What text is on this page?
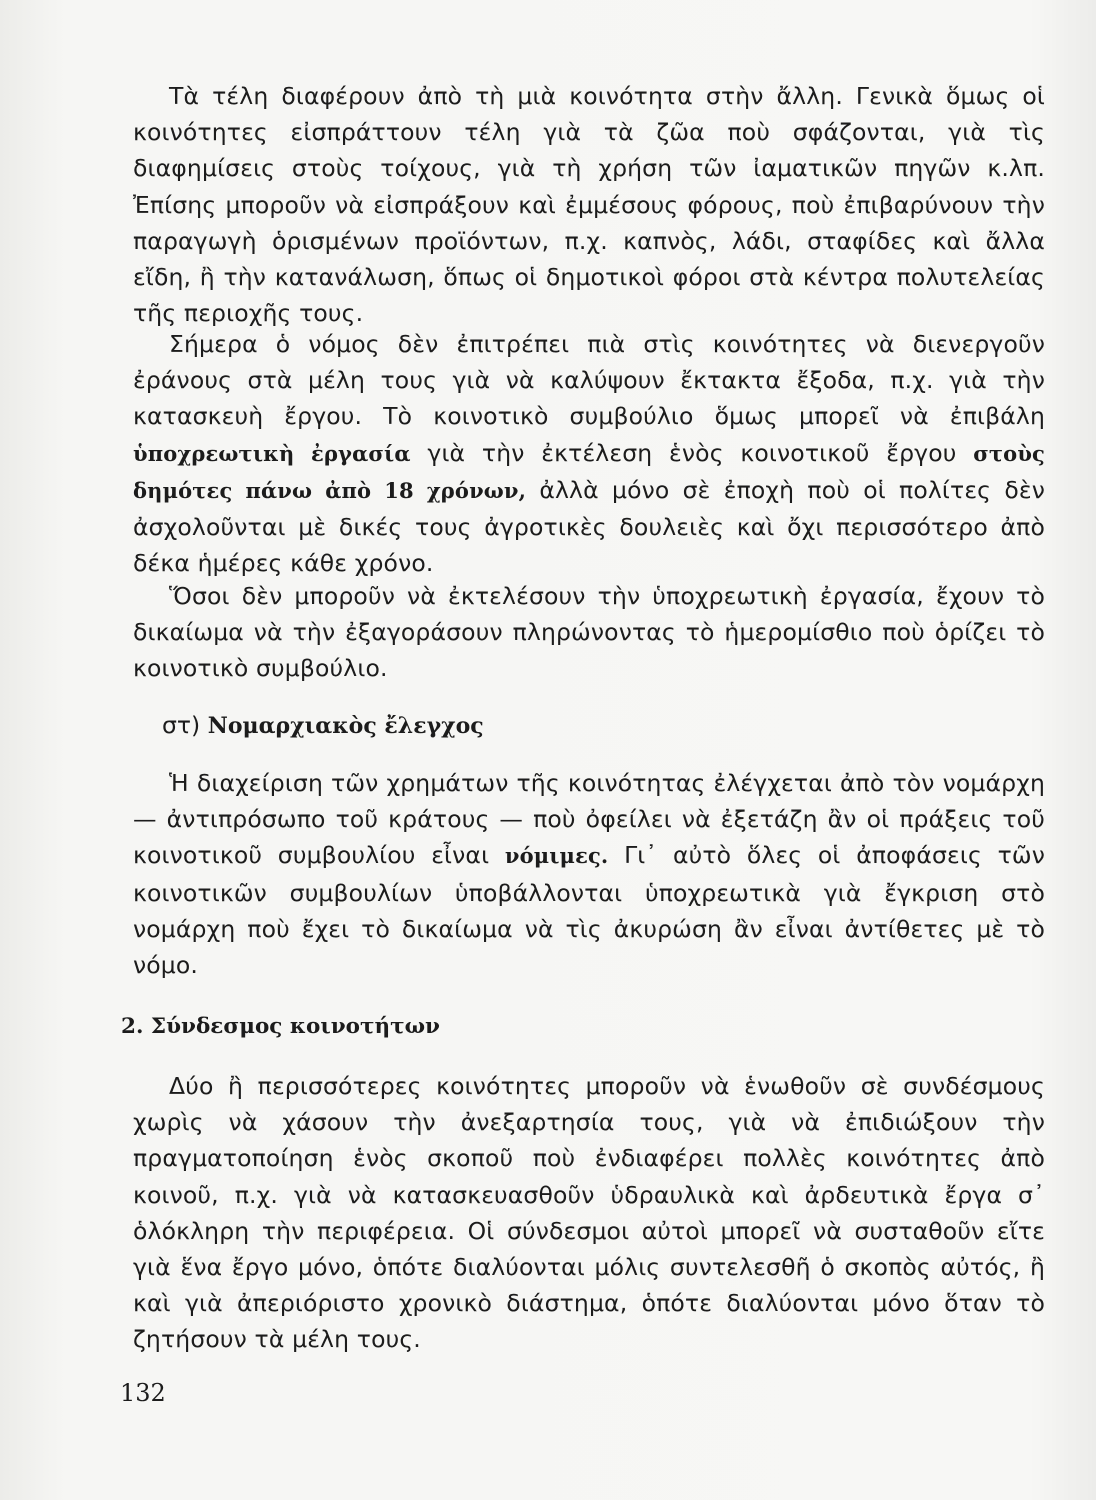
Τὰ τέλη διαφέρουν ἀπὸ τὴ μιὰ κοινότητα στὴν ἄλλη. Γενικὰ ὅμως οἱ κοινότητες εἰσπράττουν τέλη γιὰ τὰ ζῶα ποὺ σφάζονται, γιὰ τὶς διαφημίσεις στοὺς τοίχους, γιὰ τὴ χρήση τῶν ἰαματικῶν πηγῶν κ.λπ. Ἐπίσης μποροῦν νὰ εἰσπράξουν καὶ ἐμμέσους φόρους, ποὺ ἐπιβαρύνουν τὴν παραγωγὴ ὁρισμένων προϊόντων, π.χ. καπνὸς, λάδι, σταφίδες καὶ ἄλλα εἴδη, ἢ τὴν κατανάλωση, ὅπως οἱ δημοτικοὶ φόροι στὰ κέντρα πολυτελείας τῆς περιοχῆς τους.

Σήμερα ὁ νόμος δὲν ἐπιτρέπει πιὰ στὶς κοινότητες νὰ διενεργοῦν ἐράνους στὰ μέλη τους γιὰ νὰ καλύψουν ἔκτακτα ἔξοδα, π.χ. γιὰ τὴν κατασκευὴ ἔργου. Τὸ κοινοτικὸ συμβούλιο ὅμως μπορεῖ νὰ ἐπιβάλη ὑποχρεωτικὴ ἐργασία γιὰ τὴν ἐκτέλεση ἑνὸς κοινοτικοῦ ἔργου στοὺς δημότες πάνω ἀπὸ 18 χρόνων, ἀλλὰ μόνο σὲ ἐποχὴ ποὺ οἱ πολίτες δὲν ἀσχολοῦνται μὲ δικές τους ἀγροτικὲς δουλειὲς καὶ ὄχι περισσότερο ἀπὸ δέκα ἡμέρες κάθε χρόνο.

Ὅσοι δὲν μποροῦν νὰ ἐκτελέσουν τὴν ὑποχρεωτικὴ ἐργασία, ἔχουν τὸ δικαίωμα νὰ τὴν ἐξαγοράσουν πληρώνοντας τὸ ἡμερομίσθιο ποὺ ὁρίζει τὸ κοινοτικὸ συμβούλιο.

στ) Νομαρχιακὸς ἔλεγχος

Ἡ διαχείριση τῶν χρημάτων τῆς κοινότητας ἐλέγχεται ἀπὸ τὸν νομάρχη — ἀντιπρόσωπο τοῦ κράτους — ποὺ ὀφείλει νὰ ἐξετάζη ἂν οἱ πράξεις τοῦ κοινοτικοῦ συμβουλίου εἶναι νόμιμες. Γι᾽ αὐτὸ ὅλες οἱ ἀποφάσεις τῶν κοινοτικῶν συμβουλίων ὑποβάλλονται ὑποχρεωτικὰ γιὰ ἔγκριση στὸ νομάρχη ποὺ ἔχει τὸ δικαίωμα νὰ τὶς ἀκυρώση ἂν εἶναι ἀντίθετες μὲ τὸ νόμο.

2. Σύνδεσμος κοινοτήτων

Δύο ἢ περισσότερες κοινότητες μποροῦν νὰ ἑνωθοῦν σὲ συνδέσμους χωρὶς νὰ χάσουν τὴν ἀνεξαρτησία τους, γιὰ νὰ ἐπιδιώξουν τὴν πραγματοποίηση ἑνὸς σκοποῦ ποὺ ἐνδιαφέρει πολλὲς κοινότητες ἀπὸ κοινοῦ, π.χ. γιὰ νὰ κατασκευασθοῦν ὑδραυλικὰ καὶ ἀρδευτικὰ ἔργα σ᾽ ὁλόκληρη τὴν περιφέρεια. Οἱ σύνδεσμοι αὐτοὶ μπορεῖ νὰ συσταθοῦν εἴτε γιὰ ἕνα ἔργο μόνο, ὁπότε διαλύονται μόλις συντελεσθῆ ὁ σκοπὸς αὐτός, ἢ καὶ γιὰ ἀπεριόριστο χρονικὸ διάστημα, ὁπότε διαλύονται μόνο ὅταν τὸ ζητήσουν τὰ μέλη τους.

132
